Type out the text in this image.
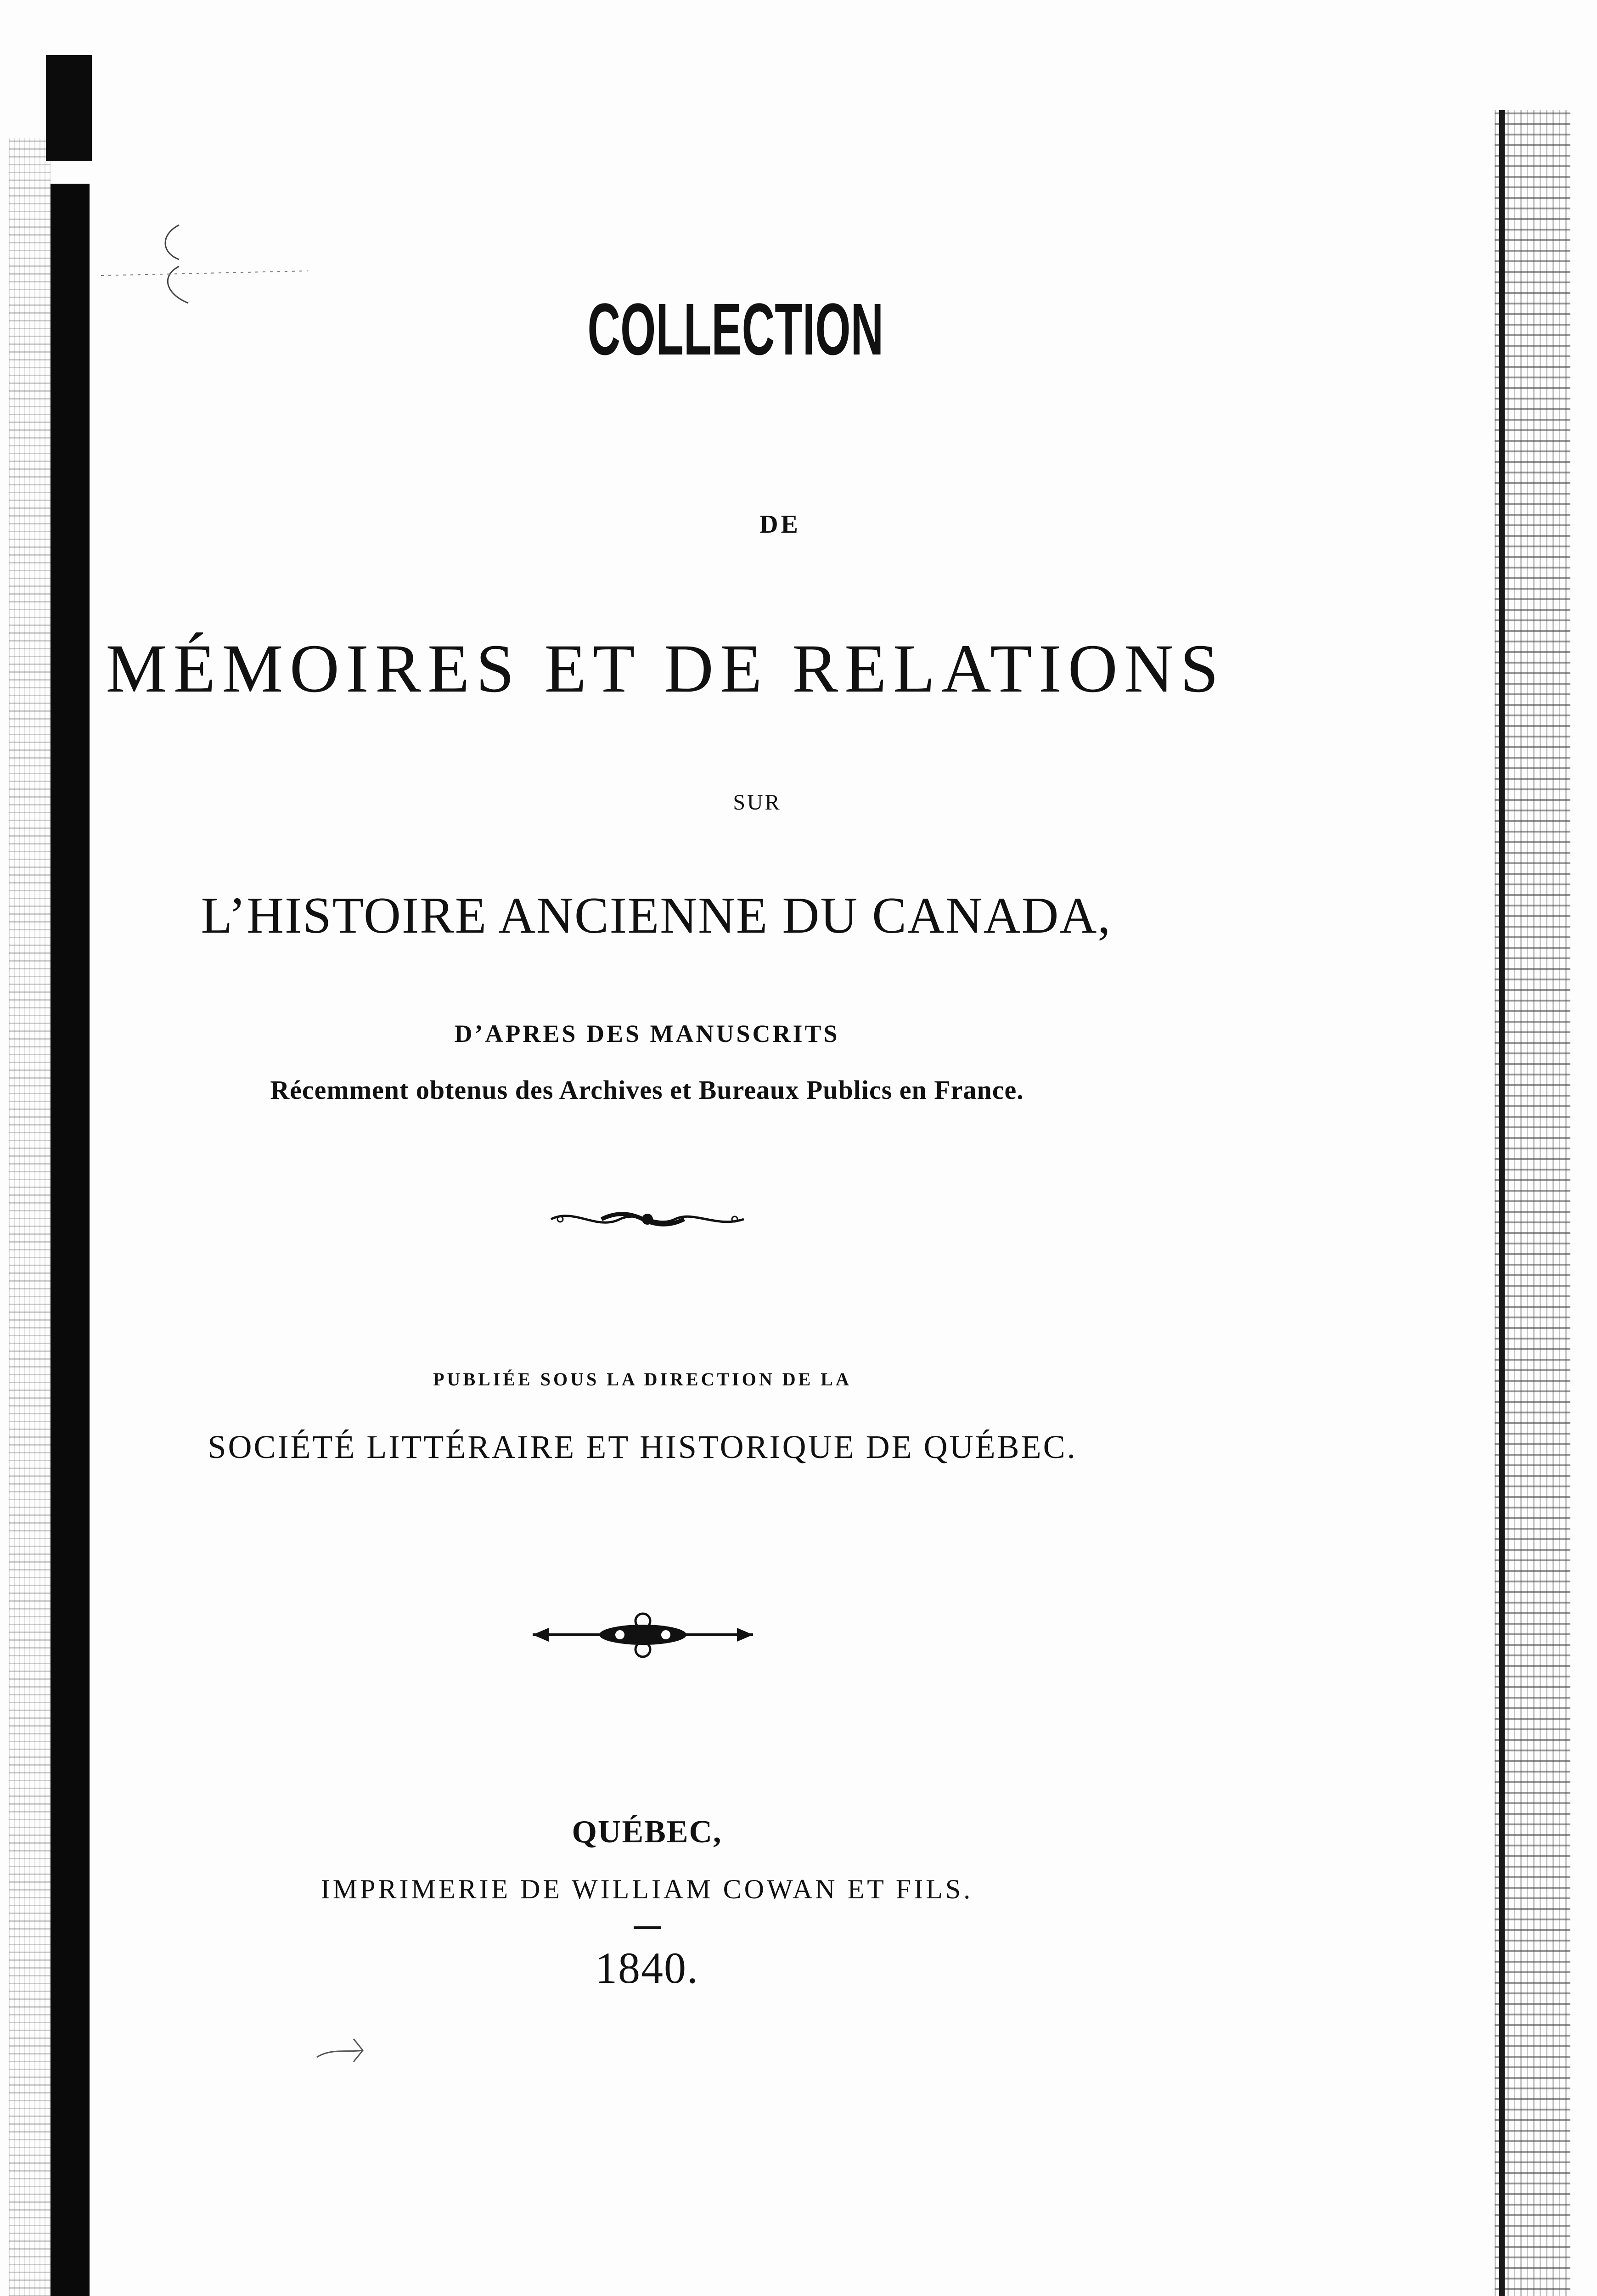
COLLECTION
DE
MÉMOIRES ET DE RELATIONS
SUR
L’HISTOIRE ANCIENNE DU CANADA,
D’APRES DES MANUSCRITS
Récemment obtenus des Archives et Bureaux Publics en France.
PUBLIÉE SOUS LA DIRECTION DE LA
SOCIÉTÉ LITTÉRAIRE ET HISTORIQUE DE QUÉBEC.
QUÉBEC,
IMPRIMERIE DE WILLIAM COWAN ET FILS.
1840.
